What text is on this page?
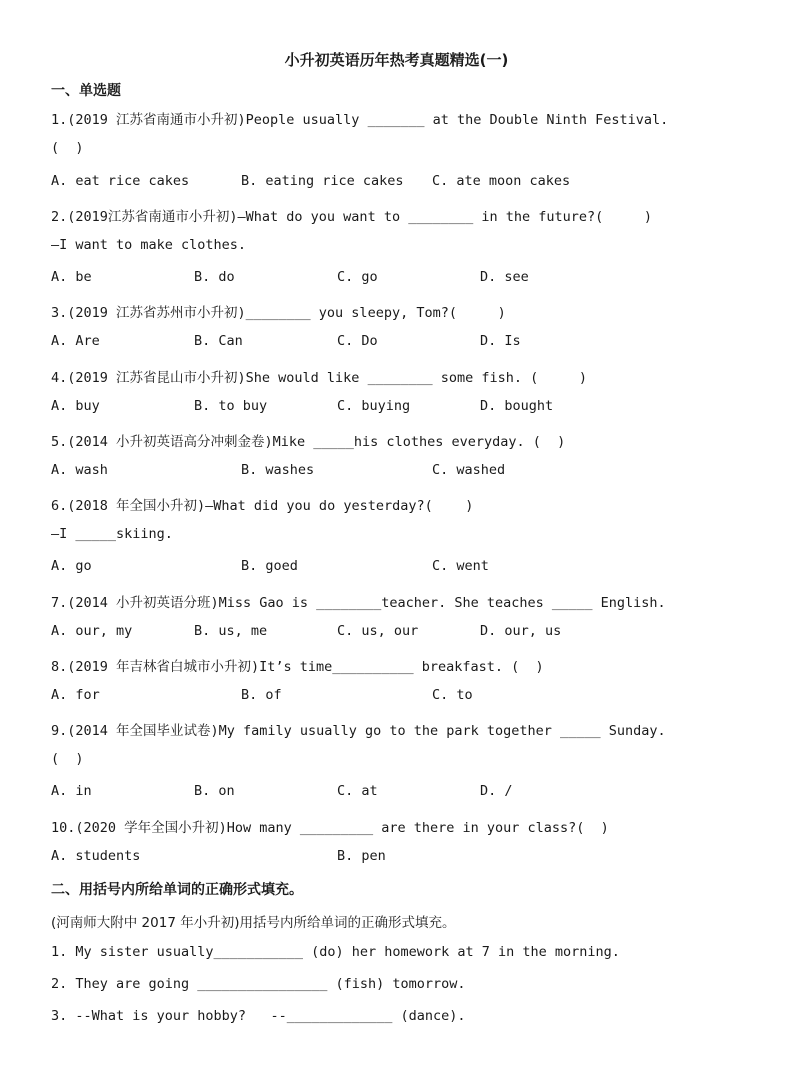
小升初英语历年热考真题精选(一)
一、单选题
1.(2019 江苏省南通市小升初)People usually _______ at the Double Ninth Festival.
(  )
A. eat rice cakes	B. eating rice cakes C. ate moon cakes
2.(2019江苏省南通市小升初)—What do you want to ________ in the future?(     )
—I want to make clothes.
A. be	B. do	C. go	D. see
3.(2019 江苏省苏州市小升初)________ you sleepy, Tom?(     )
A. Are	B. Can	C. Do	D. Is
4.(2019 江苏省昆山市小升初)She would like ________ some fish. (     )
A. buy	B. to buy	C. buying	D. bought
5.(2014 小升初英语高分冲刺金卷)Mike _____his clothes everyday. (  )
A. wash	B. washes	C. washed
6.(2018 年全国小升初)—What did you do yesterday?(    )
—I _____skiing.
A. go	B. goed	C. went
7.(2014 小升初英语分班)Miss Gao is ________teacher. She teaches _____ English.
A. our, my	B. us, me	C. us, our	D. our, us
8.(2019 年吉林省白城市小升初)It’s time__________ breakfast. (  )
A. for	B. of	C. to
9.(2014 年全国毕业试卷)My family usually go to the park together _____ Sunday.
(  )
A. in	B. on	C. at	D. /
10.(2020 学年全国小升初)How many _________ are there in your class?(  )
A. students	B. pen
二、用括号内所给单词的正确形式填充。
(河南师大附中 2017 年小升初)用括号内所给单词的正确形式填充。
1. My sister usually___________ (do) her homework at 7 in the morning.
2. They are going ________________ (fish) tomorrow.
3. --What is your hobby?   --_____________ (dance).
